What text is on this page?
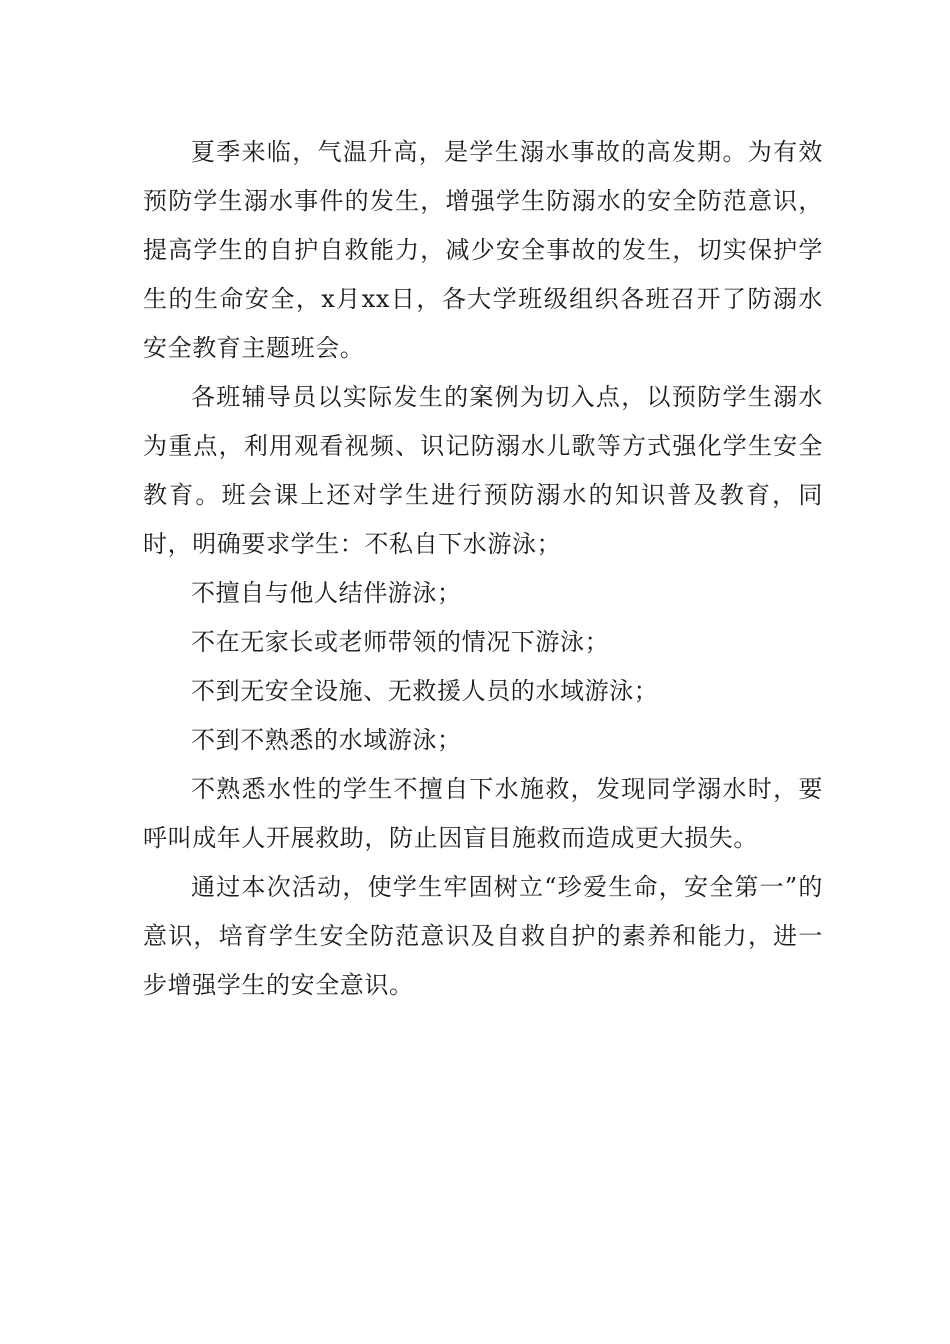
夏季来临，气温升高，是学生溺水事故的高发期。为有效预防学生溺水事件的发生，增强学生防溺水的安全防范意识，提高学生的自护自救能力，减少安全事故的发生，切实保护学生的生命安全，x月xx日，各大学班级组织各班召开了防溺水安全教育主题班会。

各班辅导员以实际发生的案例为切入点，以预防学生溺水为重点，利用观看视频、识记防溺水儿歌等方式强化学生安全教育。班会课上还对学生进行预防溺水的知识普及教育，同时，明确要求学生：不私自下水游泳；

不擅自与他人结伴游泳；

不在无家长或老师带领的情况下游泳；

不到无安全设施、无救援人员的水域游泳；

不到不熟悉的水域游泳；

不熟悉水性的学生不擅自下水施救，发现同学溺水时，要呼叫成年人开展救助，防止因盲目施救而造成更大损失。

通过本次活动，使学生牢固树立“珍爱生命，安全第一”的意识，培育学生安全防范意识及自救自护的素养和能力，进一步增强学生的安全意识。
